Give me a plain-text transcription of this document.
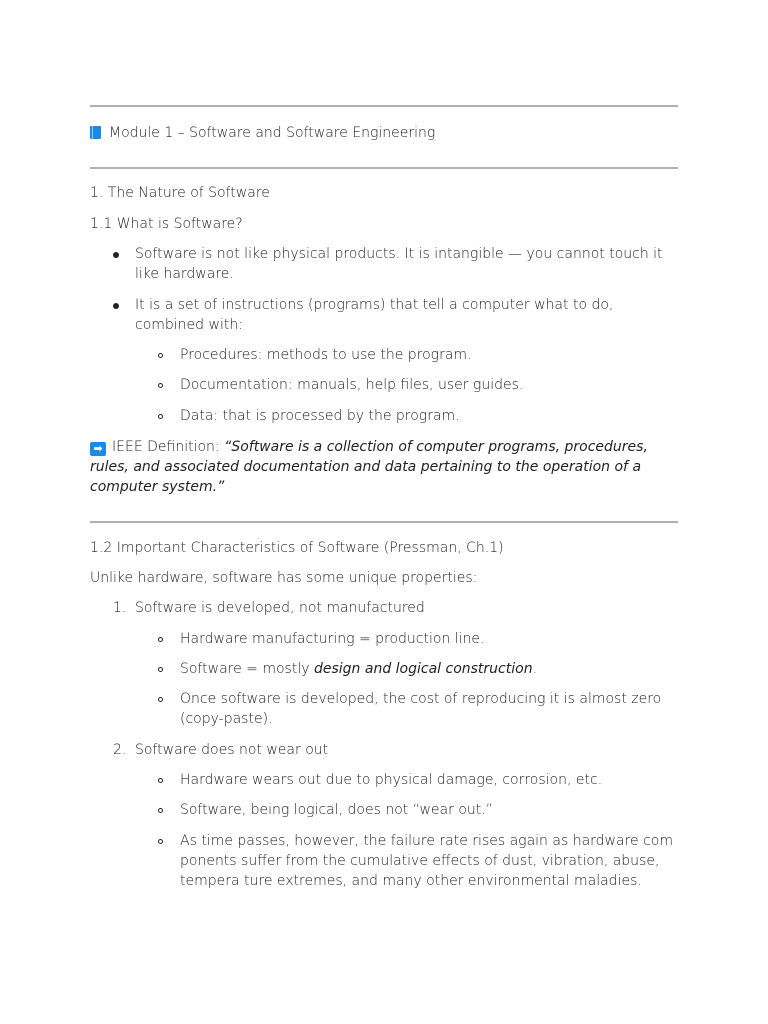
Module 1 – Software and Software Engineering
1. The Nature of Software
1.1 What is Software?
Software is not like physical products. It is intangible — you cannot touch it like hardware.
It is a set of instructions (programs) that tell a computer what to do, combined with:
Procedures: methods to use the program.
Documentation: manuals, help files, user guides.
Data: that is processed by the program.
➡ IEEE Definition: “Software is a collection of computer programs, procedures, rules, and associated documentation and data pertaining to the operation of a computer system.”
1.2 Important Characteristics of Software (Pressman, Ch.1)
Unlike hardware, software has some unique properties:
1. Software is developed, not manufactured
Hardware manufacturing = production line.
Software = mostly design and logical construction.
Once software is developed, the cost of reproducing it is almost zero (copy-paste).
2. Software does not wear out
Hardware wears out due to physical damage, corrosion, etc.
Software, being logical, does not “wear out.”
As time passes, however, the failure rate rises again as hardware com ponents suffer from the cumulative effects of dust, vibration, abuse, tempera ture extremes, and many other environmental maladies.
